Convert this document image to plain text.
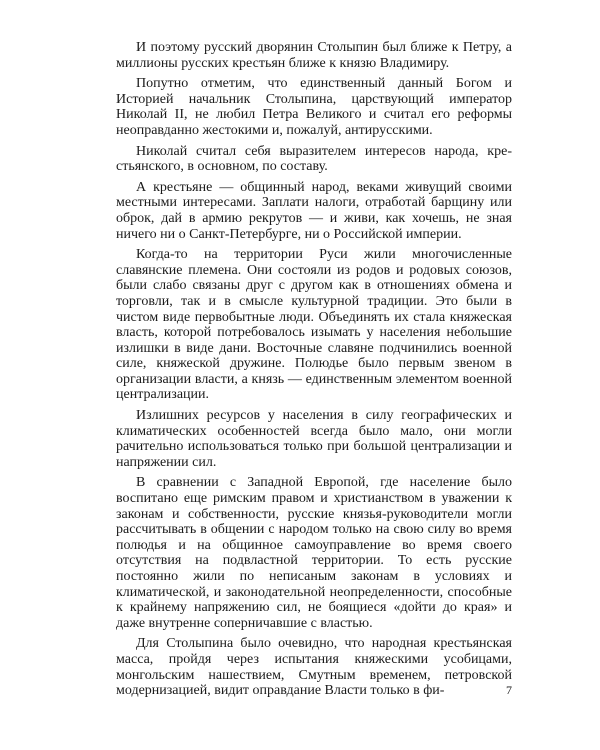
И поэтому русский дворянин Столыпин был ближе к Петру, а миллионы русских крестьян ближе к князю Владимиру.

Попутно отметим, что единственный данный Богом и Историей начальник Столыпина, царствующий император Николай II, не любил Петра Великого и считал его реформы неоправданно жестокими и, пожалуй, антирусскими.

Николай считал себя выразителем интересов народа, крестьянского, в основном, по составу.

А крестьяне — общинный народ, веками живущий своими местными интересами. Заплати налоги, отработай барщину или оброк, дай в армию рекрутов — и живи, как хочешь, не зная ничего ни о Санкт-Петербурге, ни о Российской империи.

Когда-то на территории Руси жили многочисленные славянские племена. Они состояли из родов и родовых союзов, были слабо связаны друг с другом как в отношениях обмена и торговли, так и в смысле культурной традиции. Это были в чистом виде первобытные люди. Объединять их стала княжеская власть, которой потребовалось изымать у населения небольшие излишки в виде дани. Восточные славяне подчинились военной силе, княжеской дружине. Полюдье было первым звеном в организации власти, а князь — единственным элементом военной централизации.

Излишних ресурсов у населения в силу географических и климатических особенностей всегда было мало, они могли рачительно использоваться только при большой централизации и напряжении сил.

В сравнении с Западной Европой, где население было воспитано еще римским правом и христианством в уважении к законам и собственности, русские князья-руководители могли рассчитывать в общении с народом только на свою силу во время полюдья и на общинное самоуправление во время своего отсутствия на подвластной территории. То есть русские постоянно жили по неписаным законам в условиях и климатической, и законодательной неопределенности, способные к крайнему напряжению сил, не боящиеся «дойти до края» и даже внутренне соперничавшие с властью.

Для Столыпина было очевидно, что народная крестьянская масса, пройдя через испытания княжескими усобицами, монгольским нашествием, Смутным временем, петровской модернизацией, видит оправдание Власти только в фи-	7
